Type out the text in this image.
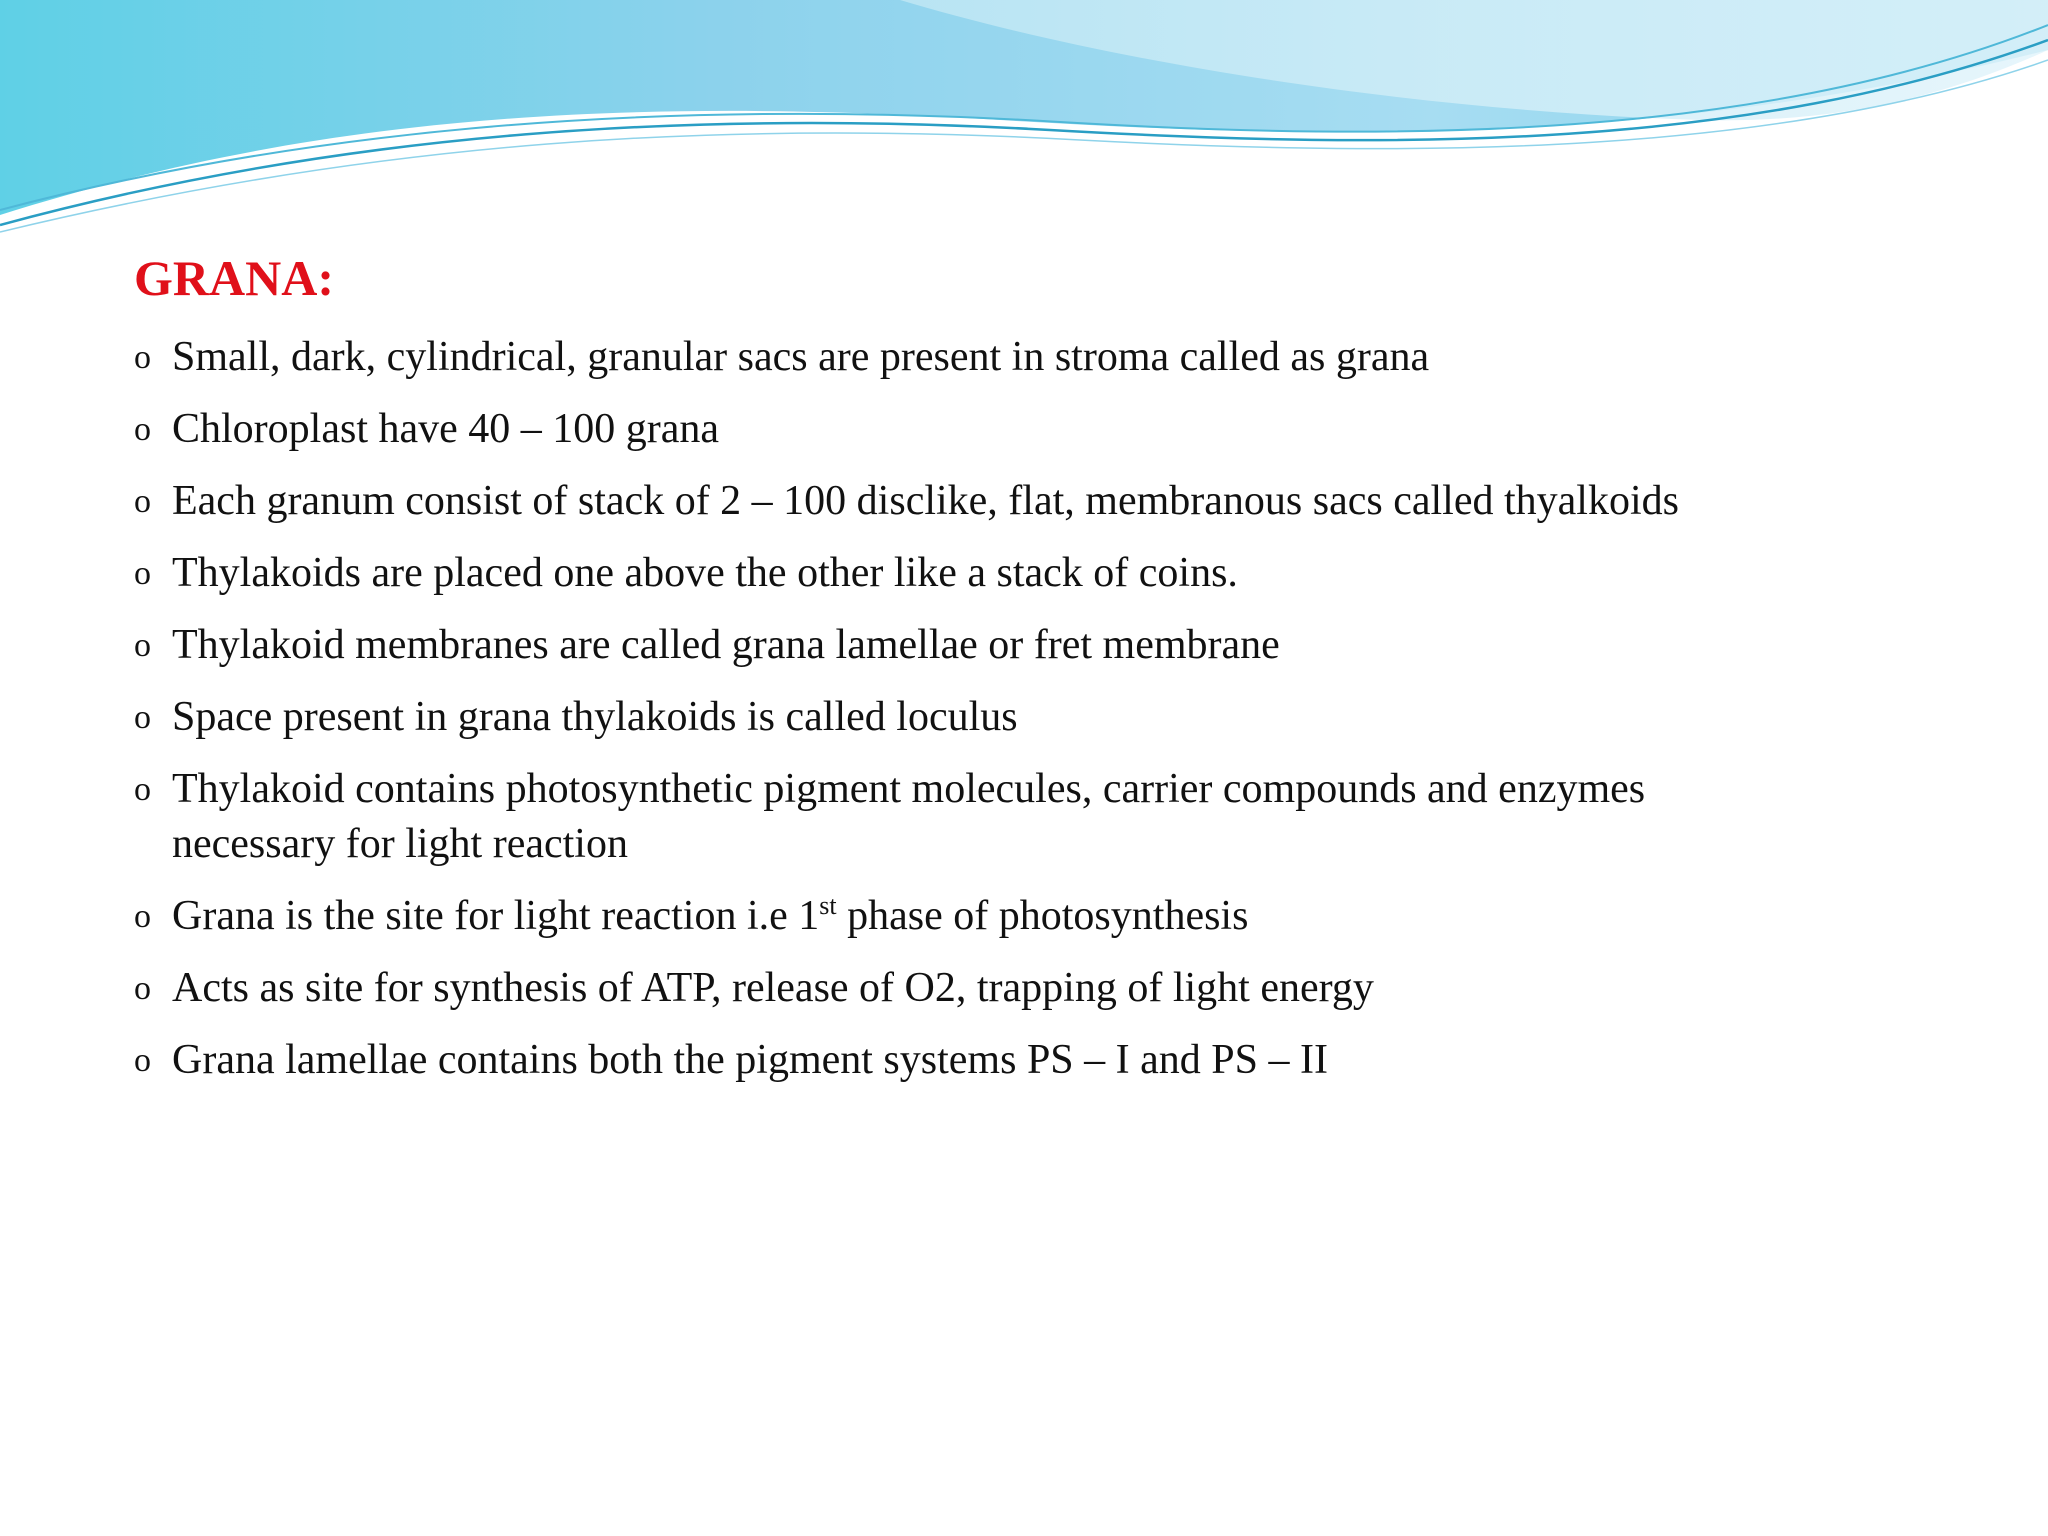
GRANA:
o Small, dark, cylindrical, granular sacs are present in stroma called as grana
o Chloroplast have 40 – 100 grana
o Each granum consist of stack of 2 – 100 disclike, flat, membranous sacs called thyalkoids
o Thylakoids are placed one above the other like a stack of coins.
o Thylakoid membranes are called grana lamellae or fret membrane
o Space present in grana thylakoids is called loculus
o Thylakoid contains photosynthetic pigment molecules, carrier compounds and enzymes necessary for light reaction
o Grana is the site for light reaction i.e 1st phase of photosynthesis
o Acts as site for synthesis of ATP, release of O2, trapping of light energy
o Grana lamellae contains both the pigment systems PS – I and PS – II
